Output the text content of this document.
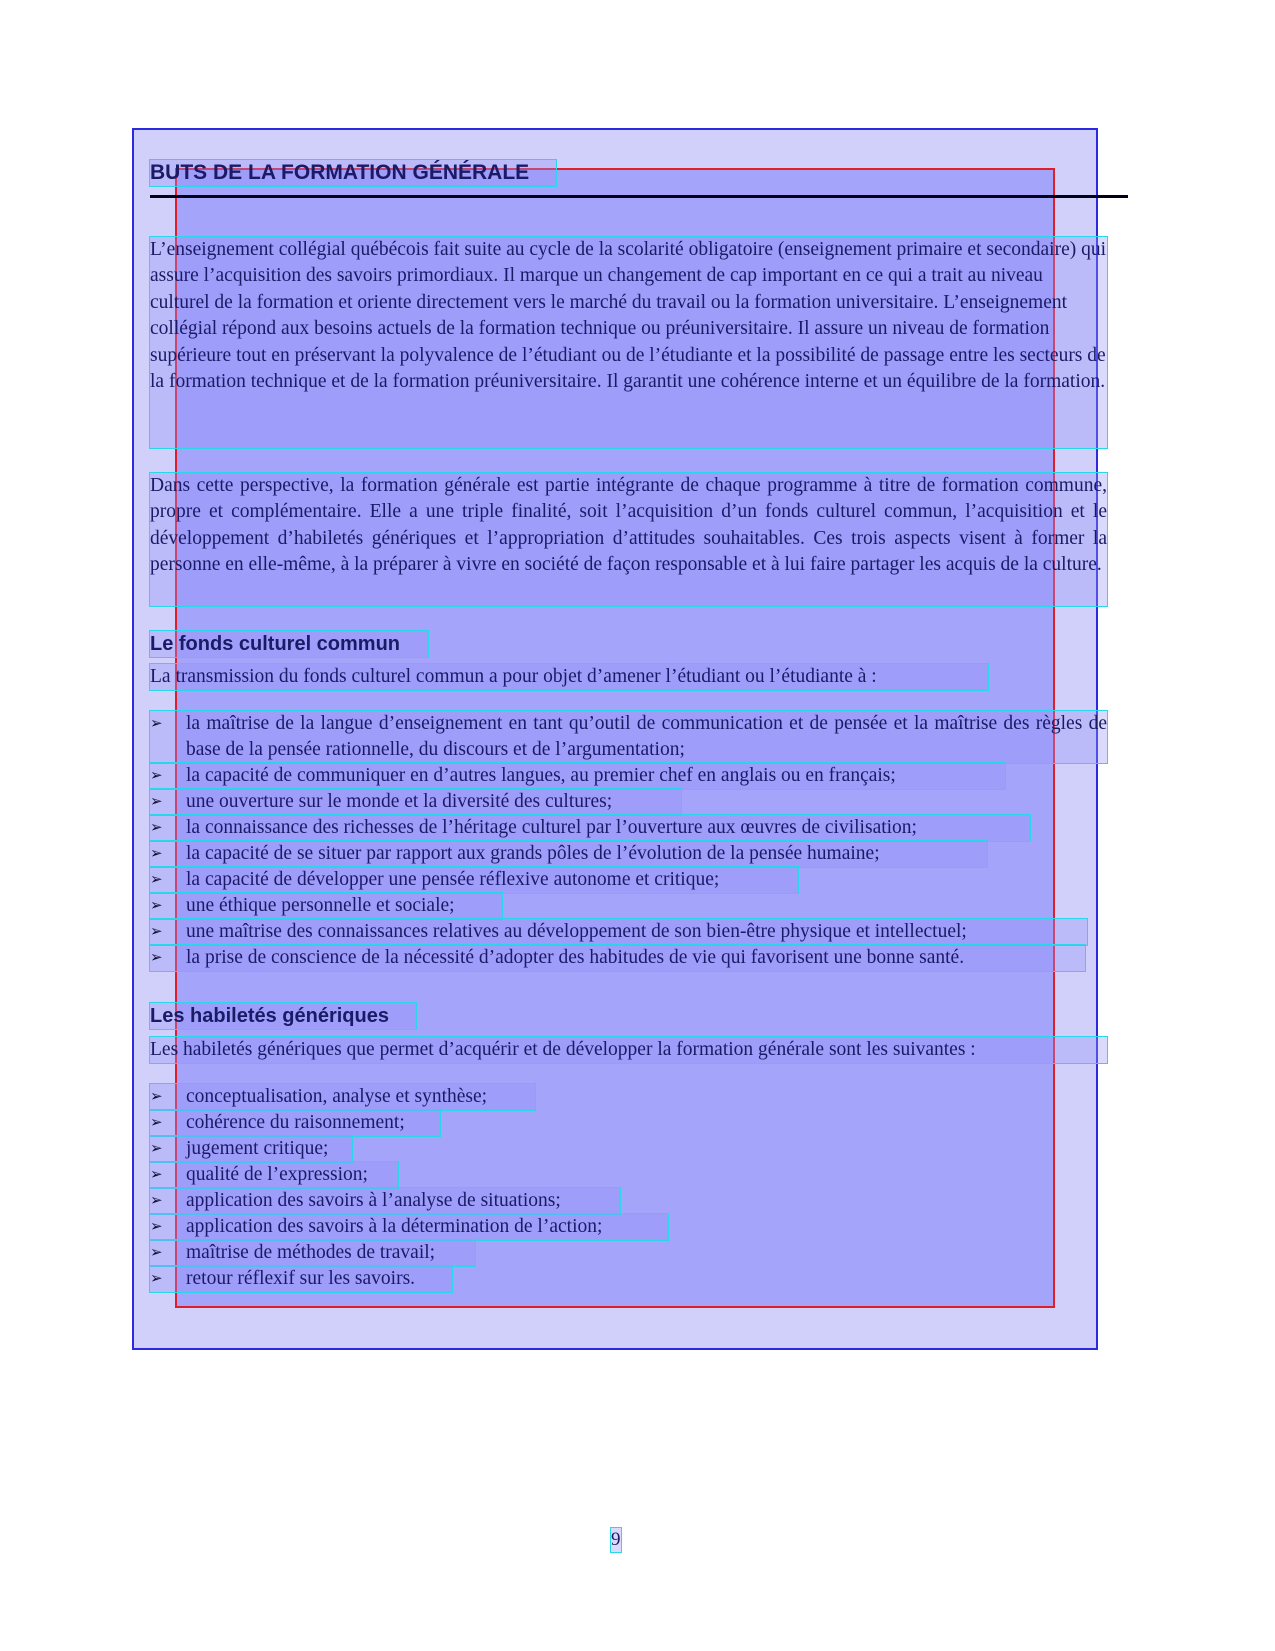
BUTS DE LA FORMATION GÉNÉRALE
L’enseignement collégial québécois fait suite au cycle de la scolarité obligatoire (enseignement primaire et secondaire) qui assure l’acquisition des savoirs primordiaux. Il marque un changement de cap important en ce qui a trait au niveau culturel de la formation et oriente directement vers le marché du travail ou la formation universitaire. L’enseignement collégial répond aux besoins actuels de la formation technique ou préuniversitaire. Il assure un niveau de formation supérieure tout en préservant la polyvalence de l’étudiant ou de l’étudiante et la possibilité de passage entre les secteurs de la formation technique et de la formation préuniversitaire. Il garantit une cohérence interne et un équilibre de la formation.
Dans cette perspective, la formation générale est partie intégrante de chaque programme à titre de formation commune, propre et complémentaire. Elle a une triple finalité, soit l’acquisition d’un fonds culturel commun, l’acquisition et le développement d’habiletés génériques et l’appropriation d’attitudes souhaitables. Ces trois aspects visent à former la personne en elle-même, à la préparer à vivre en société de façon responsable et à lui faire partager les acquis de la culture.
Le fonds culturel commun
La transmission du fonds culturel commun a pour objet d’amener l’étudiant ou l’étudiante à :
➢ la maîtrise de la langue d’enseignement en tant qu’outil de communication et de pensée et la maîtrise des règles de base de la pensée rationnelle, du discours et de l’argumentation;
➢ la capacité de communiquer en d’autres langues, au premier chef en anglais ou en français;
➢ une ouverture sur le monde et la diversité des cultures;
➢ la connaissance des richesses de l’héritage culturel par l’ouverture aux œuvres de civilisation;
➢ la capacité de se situer par rapport aux grands pôles de l’évolution de la pensée humaine;
➢ la capacité de développer une pensée réflexive autonome et critique;
➢ une éthique personnelle et sociale;
➢ une maîtrise des connaissances relatives au développement de son bien-être physique et intellectuel;
➢ la prise de conscience de la nécessité d’adopter des habitudes de vie qui favorisent une bonne santé.
Les habiletés génériques
Les habiletés génériques que permet d’acquérir et de développer la formation générale sont les suivantes :
➢ conceptualisation, analyse et synthèse;
➢ cohérence du raisonnement;
➢ jugement critique;
➢ qualité de l’expression;
➢ application des savoirs à l’analyse de situations;
➢ application des savoirs à la détermination de l’action;
➢ maîtrise de méthodes de travail;
➢ retour réflexif sur les savoirs.
9
